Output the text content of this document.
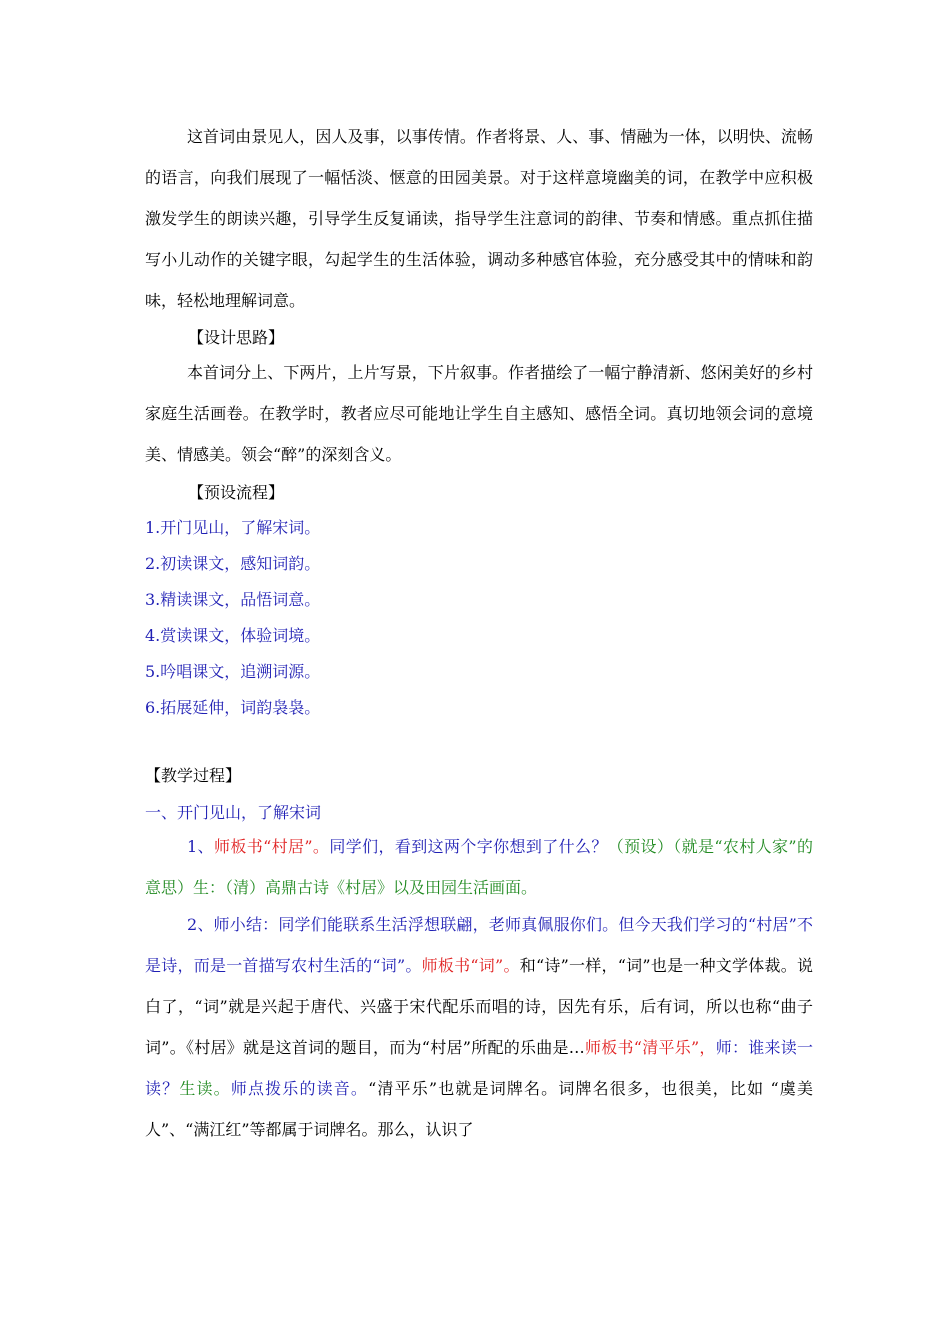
这首词由景见人，因人及事，以事传情。作者将景、人、事、情融为一体，以明快、流畅的语言，向我们展现了一幅恬淡、惬意的田园美景。对于这样意境幽美的词，在教学中应积极激发学生的朗读兴趣，引导学生反复诵读，指导学生注意词的韵律、节奏和情感。重点抓住描写小儿动作的关键字眼，勾起学生的生活体验，调动多种感官体验，充分感受其中的情味和韵味，轻松地理解词意。

【设计思路】

本首词分上、下两片，上片写景，下片叙事。作者描绘了一幅宁静清新、悠闲美好的乡村家庭生活画卷。在教学时，教者应尽可能地让学生自主感知、感悟全词。真切地领会词的意境美、情感美。领会“醉”的深刻含义。

【预设流程】

1.开门见山，了解宋词。

2.初读课文，感知词韵。

3.精读课文，品悟词意。

4.赏读课文，体验词境。

5.吟唱课文，追溯词源。

6.拓展延伸，词韵袅袅。

【教学过程】

一、开门见山，了解宋词

1、师板书“村居”。同学们，看到这两个字你想到了什么？（预设）（就是“农村人家”的意思）生：（清）高鼎古诗《村居》以及田园生活画面。

2、师小结：同学们能联系生活浮想联翩，老师真佩服你们。但今天我们学习的“村居”不是诗，而是一首描写农村生活的“词”。师板书“词”。和“诗”一样，“词”也是一种文学体裁。说白了，“词”就是兴起于唐代、兴盛于宋代配乐而唱的诗，因先有乐，后有词，所以也称“曲子词”。《村居》就是这首词的题目，而为“村居”所配的乐曲是…师板书“清平乐”，师：谁来读一读？生读。师点拨乐的读音。“清平乐”也就是词牌名。词牌名很多，也很美，比如 “虞美人”、“满江红”等都属于词牌名。那么，认识了
